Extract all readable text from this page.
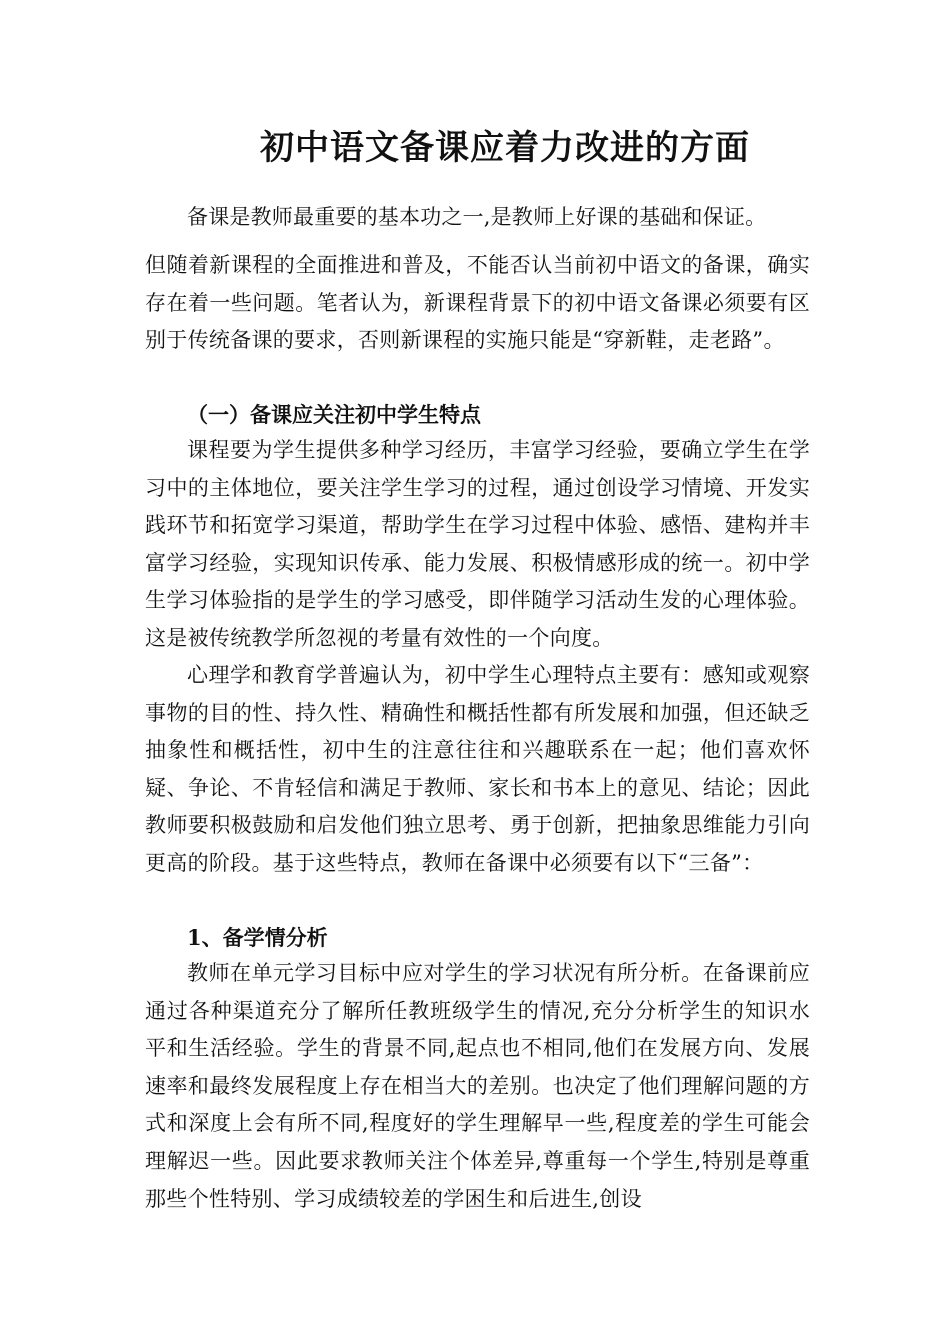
初中语文备课应着力改进的方面
备课是教师最重要的基本功之一,是教师上好课的基础和保证。
但随着新课程的全面推进和普及，不能否认当前初中语文的备课，确实存在着一些问题。笔者认为，新课程背景下的初中语文备课必须要有区别于传统备课的要求，否则新课程的实施只能是“穿新鞋，走老路”。
（一）备课应关注初中学生特点
课程要为学生提供多种学习经历，丰富学习经验，要确立学生在学习中的主体地位，要关注学生学习的过程，通过创设学习情境、开发实践环节和拓宽学习渠道，帮助学生在学习过程中体验、感悟、建构并丰富学习经验，实现知识传承、能力发展、积极情感形成的统一。初中学生学习体验指的是学生的学习感受，即伴随学习活动生发的心理体验。这是被传统教学所忽视的考量有效性的一个向度。
心理学和教育学普遍认为，初中学生心理特点主要有：感知或观察事物的目的性、持久性、精确性和概括性都有所发展和加强，但还缺乏抽象性和概括性，初中生的注意往往和兴趣联系在一起；他们喜欢怀疑、争论、不肯轻信和满足于教师、家长和书本上的意见、结论；因此教师要积极鼓励和启发他们独立思考、勇于创新，把抽象思维能力引向更高的阶段。基于这些特点，教师在备课中必须要有以下“三备”：
1、备学情分析
教师在单元学习目标中应对学生的学习状况有所分析。在备课前应通过各种渠道充分了解所任教班级学生的情况,充分分析学生的知识水平和生活经验。学生的背景不同,起点也不相同,他们在发展方向、发展速率和最终发展程度上存在相当大的差别。也决定了他们理解问题的方式和深度上会有所不同,程度好的学生理解早一些,程度差的学生可能会理解迟一些。因此要求教师关注个体差异,尊重每一个学生,特别是尊重那些个性特别、学习成绩较差的学困生和后进生,创设
